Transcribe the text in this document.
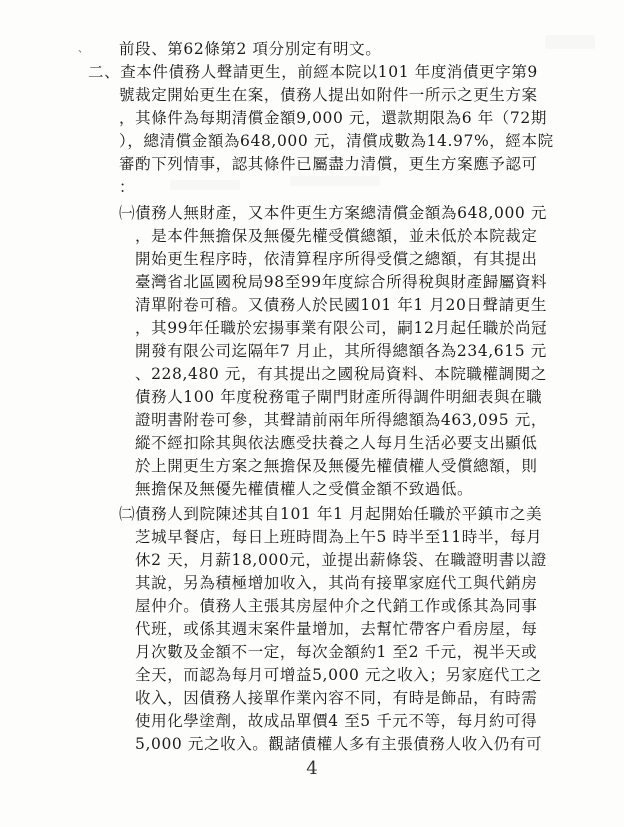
、 前段、第62條第2 項分別定有明文。
二、查本件債務人聲請更生，前經本院以101 年度消債更字第9
號裁定開始更生在案，債務人提出如附件一所示之更生方案
，其條件為每期清償金額9,000 元，還款期限為6 年（72期
），總清償金額為648,000 元，清償成數為14.97%，經本院
審酌下列情事，認其條件已屬盡力清償，更生方案應予認可
：
㈠債務人無財產，又本件更生方案總清償金額為648,000 元
，是本件無擔保及無優先權受償總額，並未低於本院裁定
開始更生程序時，依清算程序所得受償之總額，有其提出
臺灣省北區國稅局98至99年度綜合所得稅與財產歸屬資料
清單附卷可稽。又債務人於民國101 年1 月20日聲請更生
，其99年任職於宏揚事業有限公司，嗣12月起任職於尚冠
開發有限公司迄隔年7 月止，其所得總額各為234,615 元
、228,480 元，有其提出之國稅局資料、本院職權調閱之
債務人100 年度稅務電子閘門財產所得調件明細表與在職
證明書附卷可參，其聲請前兩年所得總額為463,095 元，
縱不經扣除其與依法應受扶養之人每月生活必要支出顯低
於上開更生方案之無擔保及無優先權債權人受償總額，則
無擔保及無優先權債權人之受償金額不致過低。
㈡債務人到院陳述其自101 年1 月起開始任職於平鎮市之美
芝城早餐店，每日上班時間為上午5 時半至11時半，每月
休2 天，月薪18,000元，並提出薪條袋、在職證明書以證
其說，另為積極增加收入，其尚有接單家庭代工與代銷房
屋仲介。債務人主張其房屋仲介之代銷工作或係其為同事
代班，或係其週末案件量增加，去幫忙帶客户看房屋，每
月次數及金額不一定，每次金額約1 至2 千元，視半天或
全天，而認為每月可增益5,000 元之收入；另家庭代工之
收入，因債務人接單作業內容不同，有時是飾品，有時需
使用化學塗劑，故成品單價4 至5 千元不等，每月約可得
5,000 元之收入。觀諸債權人多有主張債務人收入仍有可
4
